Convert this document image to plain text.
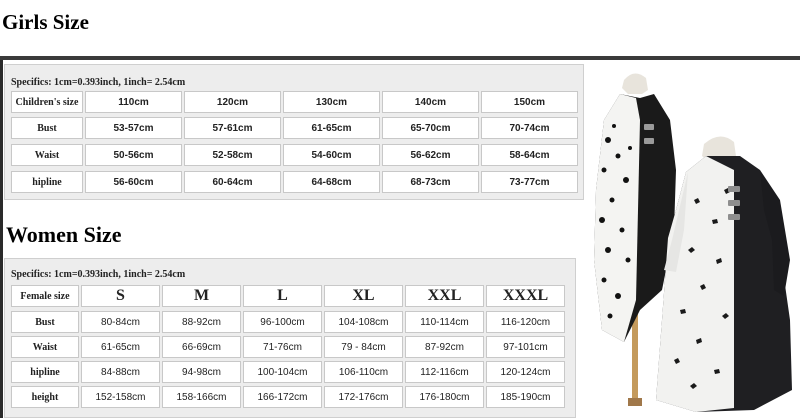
Girls Size
Specifics: 1cm=0.393inch, 1inch= 2.54cm
Children's size	110cm	120cm	130cm	140cm	150cm
Bust	53-57cm	57-61cm	61-65cm	65-70cm	70-74cm
Waist	50-56cm	52-58cm	54-60cm	56-62cm	58-64cm
hipline	56-60cm	60-64cm	64-68cm	68-73cm	73-77cm
Women Size
Specifics: 1cm=0.393inch, 1inch= 2.54cm
Female size	S	M	L	XL	XXL	XXXL
Bust	80-84cm	88-92cm	96-100cm	104-108cm	110-114cm	116-120cm
Waist	61-65cm	66-69cm	71-76cm	79 - 84cm	87-92cm	97-101cm
hipline	84-88cm	94-98cm	100-104cm	106-110cm	112-116cm	120-124cm
height	152-158cm	158-166cm	166-172cm	172-176cm	176-180cm	185-190cm
